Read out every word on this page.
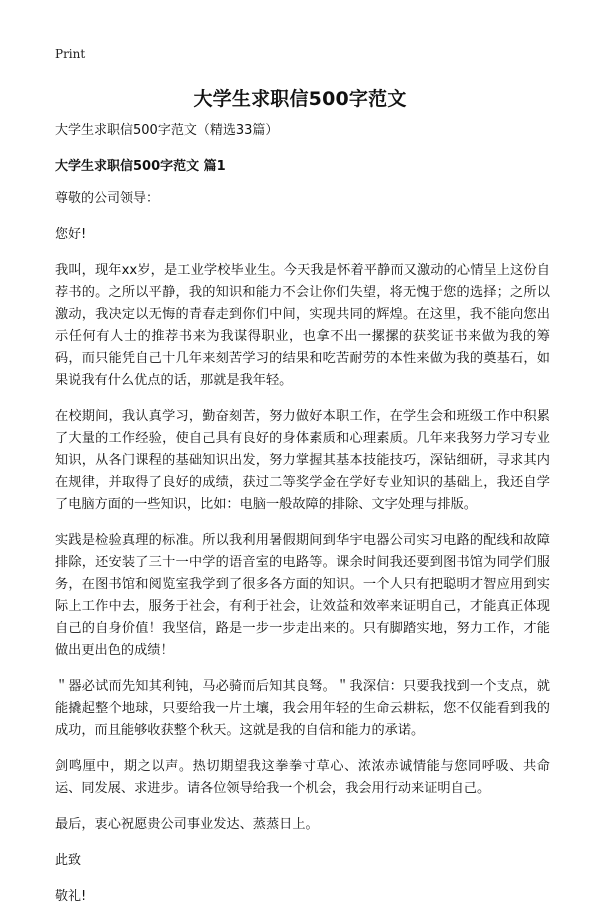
Print
大学生求职信500字范文

大学生求职信500字范文（精选33篇）

大学生求职信500字范文 篇1

尊敬的公司领导：

您好!

我叫，现年xx岁，是工业学校毕业生。今天我是怀着平静而又激动的心情呈上这份自荐书的。之所以平静，我的知识和能力不会让你们失望，将无愧于您的选择；之所以激动，我决定以无悔的青春走到你们中间，实现共同的辉煌。在这里，我不能向您出示任何有人士的推荐书来为我谋得职业，也拿不出一摞摞的获奖证书来做为我的筹码，而只能凭自己十几年来刻苦学习的结果和吃苦耐劳的本性来做为我的奠基石，如果说我有什么优点的话，那就是我年轻。

在校期间，我认真学习，勤奋刻苦，努力做好本职工作，在学生会和班级工作中积累了大量的工作经验，使自己具有良好的身体素质和心理素质。几年来我努力学习专业知识，从各门课程的基础知识出发，努力掌握其基本技能技巧，深钻细研，寻求其内在规律，并取得了良好的成绩，获过二等奖学金在学好专业知识的基础上，我还自学了电脑方面的一些知识，比如：电脑一般故障的排除、文字处理与排版。

实践是检验真理的标准。所以我利用暑假期间到华宇电器公司实习电路的配线和故障排除，还安装了三十一中学的语音室的电路等。课余时间我还要到图书馆为同学们服务，在图书馆和阅览室我学到了很多各方面的知识。一个人只有把聪明才智应用到实际上工作中去，服务于社会，有利于社会，让效益和效率来证明自己，才能真正体现自己的自身价值！我坚信，路是一步一步走出来的。只有脚踏实地，努力工作，才能做出更出色的成绩！

＂器必试而先知其利钝，马必骑而后知其良驽。＂我深信：只要我找到一个支点，就能撬起整个地球，只要给我一片土壤，我会用年轻的生命云耕耘，您不仅能看到我的成功，而且能够收获整个秋天。这就是我的自信和能力的承诺。

剑鸣厘中，期之以声。热切期望我这拳拳寸草心、浓浓赤诚情能与您同呼吸、共命运、同发展、求进步。请各位领导给我一个机会，我会用行动来证明自己。

最后，衷心祝愿贵公司事业发达、蒸蒸日上。

此致

敬礼!
